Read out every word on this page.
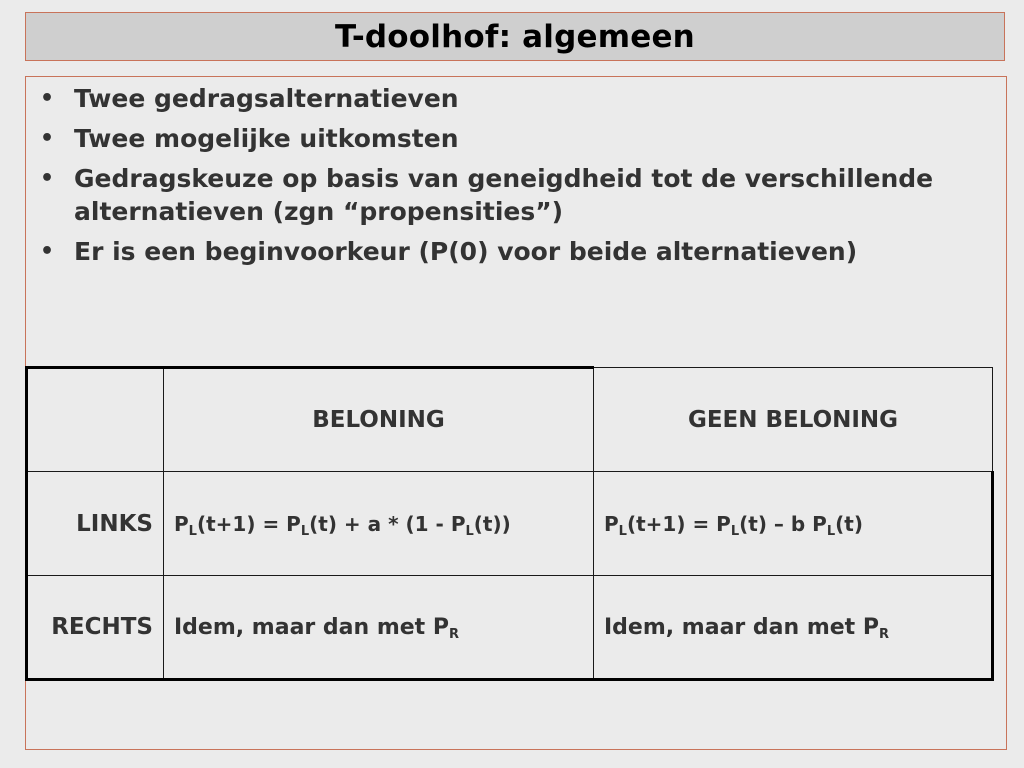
T-doolhof: algemeen
• Twee gedragsalternatieven
• Twee mogelijke uitkomsten
• Gedragskeuze op basis van geneigdheid tot de verschillende alternatieven (zgn “propensities”)
• Er is een beginvoorkeur (P(0) voor beide alternatieven)
	BELONING	GEEN BELONING
LINKS	$P_L(t+1) = P_L(t) + a * (1 - P_L(t))$	$P_L(t+1) = P_L(t) - b$ $P_L(t)$
RECHTS	Idem, maar dan met $P_R$	Idem, maar dan met $P_R$
